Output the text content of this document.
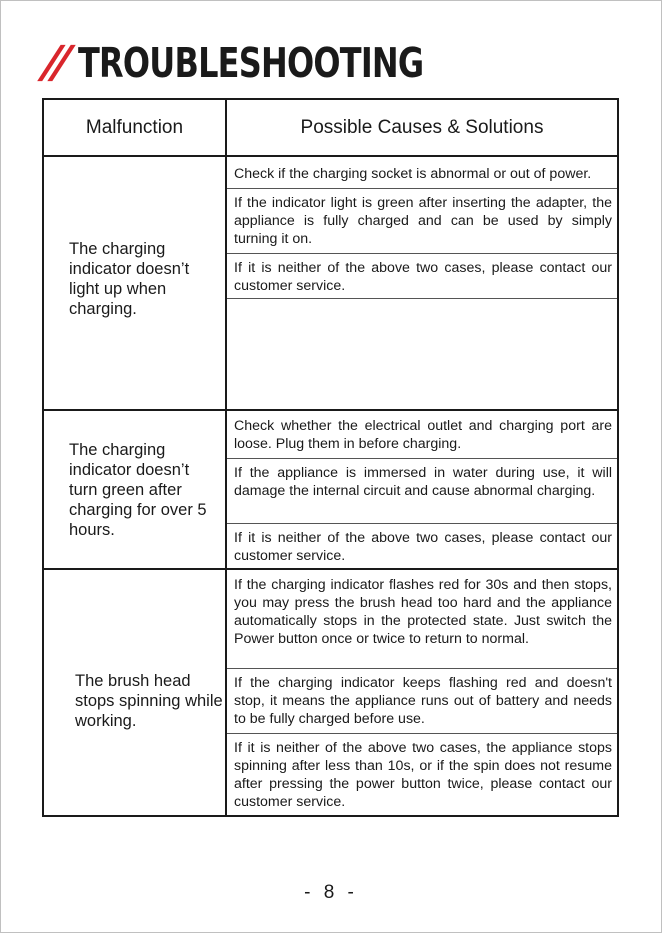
// TROUBLESHOOTING
Malfunction	Possible Causes & Solutions
The charging indicator doesn’t light up when charging.
Check if the charging socket is abnormal or out of power.
If the indicator light is green after inserting the adapter, the appliance is fully charged and can be used by simply turning it on.
If it is neither of the above two cases, please contact our customer service.
The charging indicator doesn’t turn green after charging for over 5 hours.
Check whether the electrical outlet and charging port are loose. Plug them in before charging.
If the appliance is immersed in water during use, it will damage the internal circuit and cause abnormal charging.
If it is neither of the above two cases, please contact our customer service.
The brush head stops spinning while working.
If the charging indicator flashes red for 30s and then stops, you may press the brush head too hard and the appliance automatically stops in the protected state. Just switch the Power button once or twice to return to normal.
If the charging indicator keeps flashing red and doesn't stop, it means the appliance runs out of battery and needs to be fully charged before use.
If it is neither of the above two cases, the appliance stops spinning after less than 10s, or if the spin does not resume after pressing the power button twice, please contact our customer service.
- 8 -
